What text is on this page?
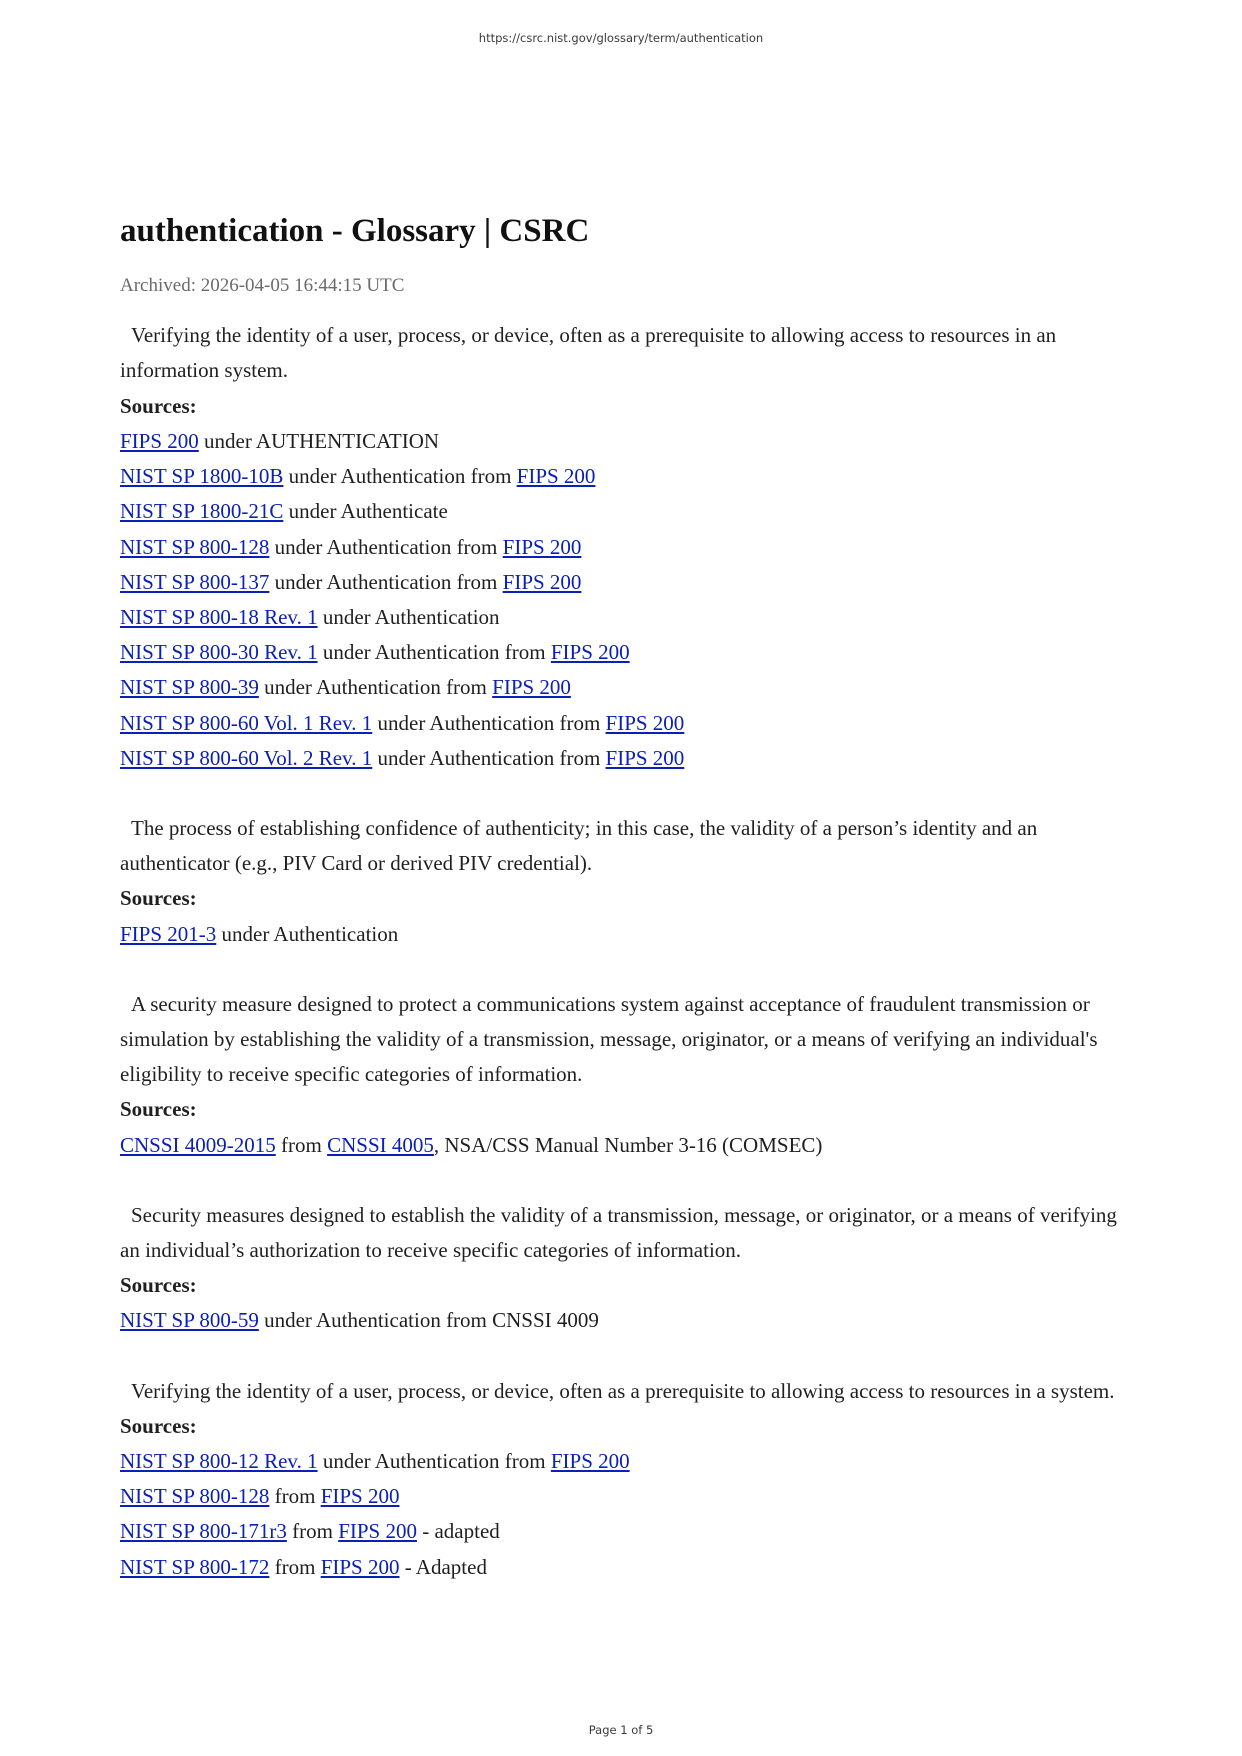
https://csrc.nist.gov/glossary/term/authentication
authentication - Glossary | CSRC
Archived: 2026-04-05 16:44:15 UTC
Verifying the identity of a user, process, or device, often as a prerequisite to allowing access to resources in an information system.
Sources:
FIPS 200 under AUTHENTICATION
NIST SP 1800-10B under Authentication from FIPS 200
NIST SP 1800-21C under Authenticate
NIST SP 800-128 under Authentication from FIPS 200
NIST SP 800-137 under Authentication from FIPS 200
NIST SP 800-18 Rev. 1 under Authentication
NIST SP 800-30 Rev. 1 under Authentication from FIPS 200
NIST SP 800-39 under Authentication from FIPS 200
NIST SP 800-60 Vol. 1 Rev. 1 under Authentication from FIPS 200
NIST SP 800-60 Vol. 2 Rev. 1 under Authentication from FIPS 200
The process of establishing confidence of authenticity; in this case, the validity of a person’s identity and an authenticator (e.g., PIV Card or derived PIV credential).
Sources:
FIPS 201-3 under Authentication
A security measure designed to protect a communications system against acceptance of fraudulent transmission or simulation by establishing the validity of a transmission, message, originator, or a means of verifying an individual's eligibility to receive specific categories of information.
Sources:
CNSSI 4009-2015 from CNSSI 4005, NSA/CSS Manual Number 3-16 (COMSEC)
Security measures designed to establish the validity of a transmission, message, or originator, or a means of verifying an individual’s authorization to receive specific categories of information.
Sources:
NIST SP 800-59 under Authentication from CNSSI 4009
Verifying the identity of a user, process, or device, often as a prerequisite to allowing access to resources in a system.
Sources:
NIST SP 800-12 Rev. 1 under Authentication from FIPS 200
NIST SP 800-128 from FIPS 200
NIST SP 800-171r3 from FIPS 200 - adapted
NIST SP 800-172 from FIPS 200 - Adapted
Page 1 of 5
